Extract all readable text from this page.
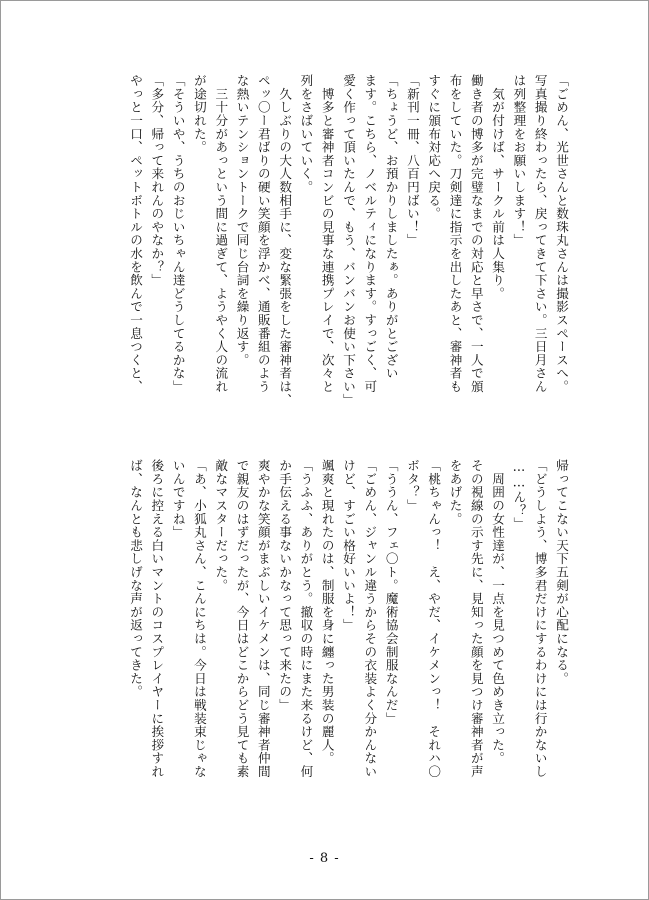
「ごめん、光世さんと数珠丸さんは撮影スペースへ。
写真撮り終わったら、戻ってきて下さい。三日月さん
は列整理をお願いします！」
　気が付けば、サークル前は人集り。
働き者の博多が完璧なまでの対応と早さで、一人で頒
布をしていた。刀剣達に指示を出したあと、審神者も
すぐに頒布対応へ戻る。
「新刊一冊、八百円ばい！」
「ちょうど、お預かりしましたぁ。ありがとござい
ます。こちら、ノベルティになります。すっごく、可
愛く作って頂いたんで、もう、バンバンお使い下さい」
　博多と審神者コンビの見事な連携プレイで、次々と
列をさばいていく。
　久しぶりの大人数相手に、変な緊張をした審神者は、
ペッ〇ー君ばりの硬い笑顔を浮かべ、通販番組のよう
な熱いテンショントークで同じ台詞を繰り返す。
　三十分があっという間に過ぎて、ようやく人の流れ
が途切れた。
「そういや、うちのおじいちゃん達どうしてるかな」
「多分、帰って来れんのやなか？」
やっと一口、ペットボトルの水を飲んで一息つくと、
帰ってこない天下五剣が心配になる。
「どうしよう、博多君だけにするわけには行かないし
……ん？」
　周囲の女性達が、一点を見つめて色めき立った。
その視線の示す先に、見知った顔を見つけ審神者が声
をあげた。
「桃ちゃんっ！　え、やだ、イケメンっ！　それハ〇
ボタ？」
「ううん、フェ〇ト。魔術協会制服なんだ」
「ごめん、ジャンル違うからその衣装よく分かんない
けど、すごい格好いいよ！」
颯爽と現れたのは、制服を身に纏った男装の麗人。
「うふふ、ありがとう。撤収の時にまた来るけど、何
か手伝える事ないかなって思って来たの」
爽やかな笑顔がまぶしいイケメンは、同じ審神者仲間
で親友のはずだったが、今日はどこからどう見ても素
敵なマスターだった。
「あ、小狐丸さん、こんにちは。今日は戦装束じゃな
いんですね」
後ろに控える白いマントのコスプレイヤーに挨拶すれ
ば、なんとも悲しげな声が返ってきた。
- 8 -
